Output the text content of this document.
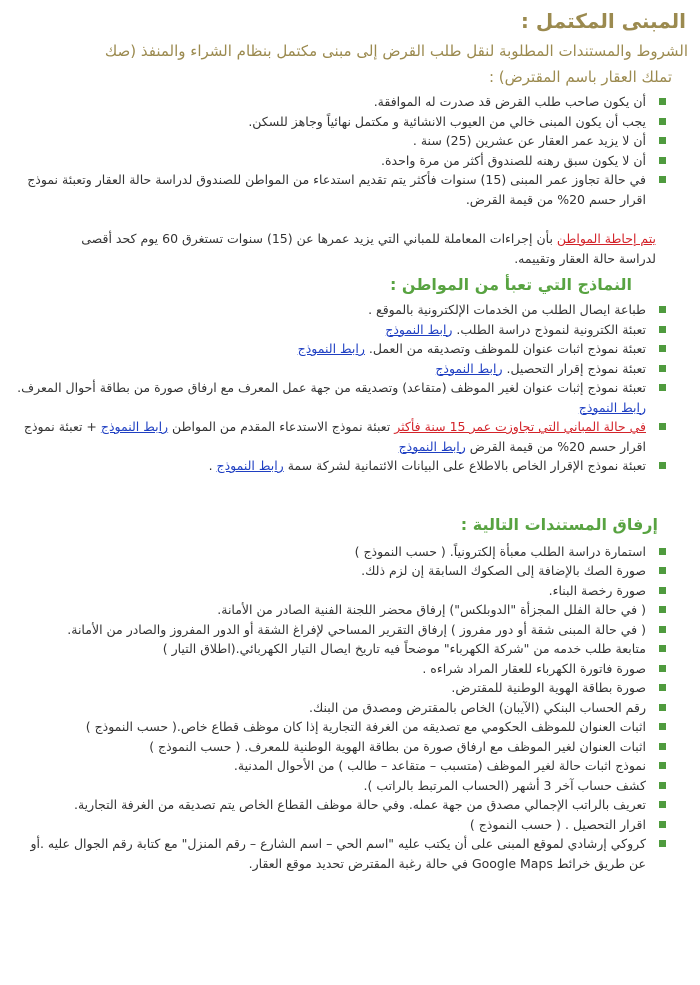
المبنى المكتمل :

الشروط والمستندات المطلوبة لنقل طلب القرض إلى مبنى مكتمل بنظام الشراء والمنفذ (صك

تملك العقار باسم المقترض) :

أن يكون صاحب طلب القرض قد صدرت له الموافقة.
يجب أن يكون المبنى خالي من العيوب الانشائية و مكتمل نهائياً وجاهز للسكن.
أن لا يزيد عمر العقار عن عشرين (25) سنة .
أن لا يكون سبق رهنه للصندوق أكثر من مرة واحدة.
في حالة تجاوز عمر المبنى (15) سنوات فأكثر يتم تقديم استدعاء من المواطن للصندوق لدراسة حالة العقار وتعبئة نموذج اقرار حسم 20% من قيمة القرض.

يتم إحاطة المواطن بأن إجراءات المعاملة للمباني التي يزيد عمرها عن (15) سنوات تستغرق 60 يوم كحد أقصى لدراسة حالة العقار وتقييمه.

النماذج التي تعبأ من المواطن :
طباعة ايصال الطلب من الخدمات الإلكترونية بالموقع .
تعبئة الكترونية لنموذج دراسة الطلب. رابط النموذج
تعبئة نموذج اثبات عنوان للموظف وتصديقه من العمل. رابط النموذج
تعبئة نموذج إقرار التحصيل. رابط النموذج
تعبئة نموذج إثبات عنوان لغير الموظف (متقاعد) وتصديقه من جهة عمل المعرف مع ارفاق صورة من بطاقة أحوال المعرف. رابط النموذج
في حالة المباني التي تجاوزت عمر 15 سنة فأكثر تعبئة نموذج الاستدعاء المقدم من المواطن رابط النموذج + تعبئة نموذج اقرار حسم 20% من قيمة القرض رابط النموذج
تعبئة نموذج الإقرار الخاص بالاطلاع على البيانات الائتمانية لشركة سمة رابط النموذج .
إرفاق المستندات التالية :
استمارة دراسة الطلب معبأة إلكترونياً. ( حسب النموذج )
صورة الصك بالإضافة إلى الصكوك السابقة إن لزم ذلك.
صورة رخصة البناء.
( في حالة الفلل المجزأة "الدوبلكس") إرفاق محضر اللجنة الفنية الصادر من الأمانة.
( في حالة المبنى شقة أو دور مفروز ) إرفاق التقرير المساحي لإفراغ الشقة أو الدور المفروز والصادر من الأمانة.
متابعة طلب خدمه من "شركة الكهرباء" موضحاً فيه تاريخ ايصال التيار الكهربائي.(اطلاق التيار )
صورة فاتورة الكهرباء للعقار المراد شراءه .
صورة بطاقة الهوية الوطنية للمقترض.
رقم الحساب البنكي (الآيبان) الخاص بالمقترض ومصدق من البنك.
اثبات العنوان للموظف الحكومي مع تصديقه من الغرفة التجارية إذا كان موظف قطاع خاص.( حسب النموذج )
اثبات العنوان لغير الموظف مع ارفاق صورة من بطاقة الهوية الوطنية للمعرف. ( حسب النموذج )
نموذج اثبات حالة لغير الموظف (متسبب – متقاعد – طالب ) من الأحوال المدنية.
كشف حساب آخر 3 أشهر (الحساب المرتبط بالراتب ).
تعريف بالراتب الإجمالي مصدق من جهة عمله. وفي حالة موظف القطاع الخاص يتم تصديقه من الغرفة التجارية.
اقرار التحصيل . ( حسب النموذج )
كروكي إرشادي لموقع المبنى على أن يكتب عليه "اسم الحي – اسم الشارع – رقم المنزل" مع كتابة رقم الجوال عليه .أو عن طريق خرائط Google Maps في حالة رغبة المقترض تحديد موقع العقار.
